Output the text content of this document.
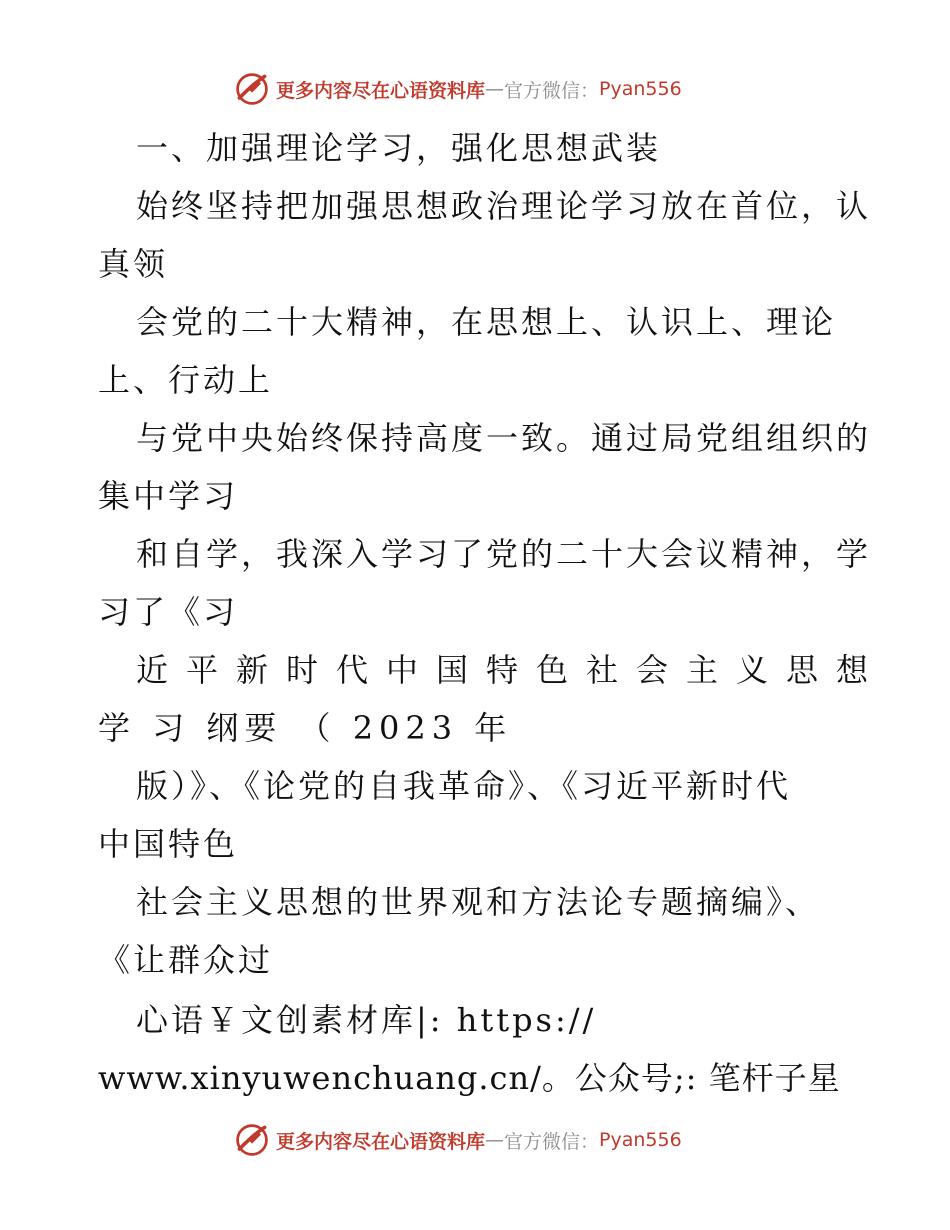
更多内容尽在心语资料库 — 官方微信： Pyan556

一、加强理论学习，强化思想武装

始终坚持把加强思想政治理论学习放在首位，认

真领

会党的二十大精神，在思想上、认识上、理论

上、行动上

与党中央始终保持高度一致。通过局党组组织的

集中学习

和自学，我深入学习了党的二十大会议精神，学

习了《习

近平新时代中国特色社会主义思想

学 习 纲要 （ 2023 年

版）》、《论党的自我革命》、《习近平新时代

中国特色

社会主义思想的世界观和方法论专题摘编》、

《让群众过

心语￥文创素材库|: https://

www.xinyuwenchuang.cn/。公众号;: 笔杆子星

更多内容尽在心语资料库 — 官方微信： Pyan556
